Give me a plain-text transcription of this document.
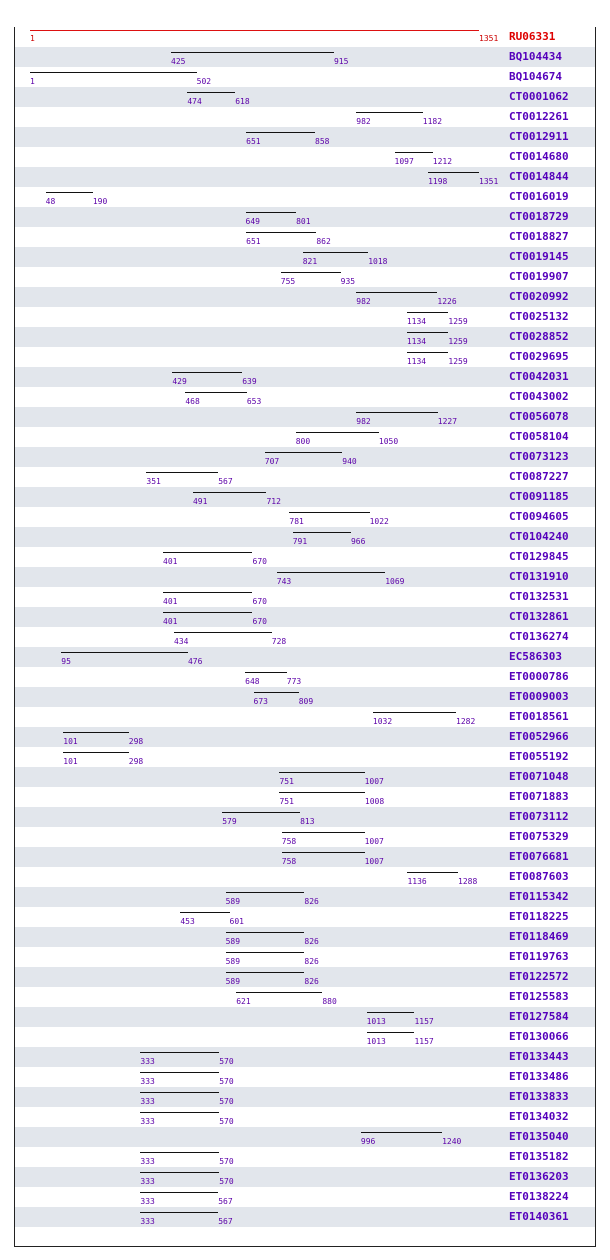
1	1351 RU06331
425	915	BQ104434
1	502	BQ104674
474	618	CT0001062
982	1182	CT0012261
651	858	CT0012911
1097 1212	CT0014680
1198	1351 CT0014844
48	190	CT0016019
649	801	CT0018729
651	862	CT0018827
821	1018	CT0019145
755	935	CT0019907
982	1226	CT0020992
1134	1259	CT0025132
1134	1259	CT0028852
1134	1259	CT0029695
429	639	CT0042031
468	653	CT0043002
982	1227	CT0056078
800	1050	CT0058104
707	940	CT0073123
351	567	CT0087227
491	712	CT0091185
781	1022	CT0094605
791	966	CT0104240
401	670	CT0129845
743	1069	CT0131910
401	670	CT0132531
401	670	CT0132861
434	728	CT0136274
95	476	EC586303
648	773	ET0000786
673	809	ET0009003
1032	1282	ET0018561
101	298	ET0052966
101	298	ET0055192
751	1007	ET0071048
751	1008	ET0071883
579	813	ET0073112
758	1007	ET0075329
758	1007	ET0076681
1136	1288	ET0087603
589	826	ET0115342
453	601	ET0118225
589	826	ET0118469
589	826	ET0119763
589	826	ET0122572
621	880	ET0125583
1013	1157	ET0127584
1013	1157	ET0130066
333	570	ET0133443
333	570	ET0133486
333	570	ET0133833
333	570	ET0134032
996	1240	ET0135040
333	570	ET0135182
333	570	ET0136203
333	567	ET0138224
333	567	ET0140361
